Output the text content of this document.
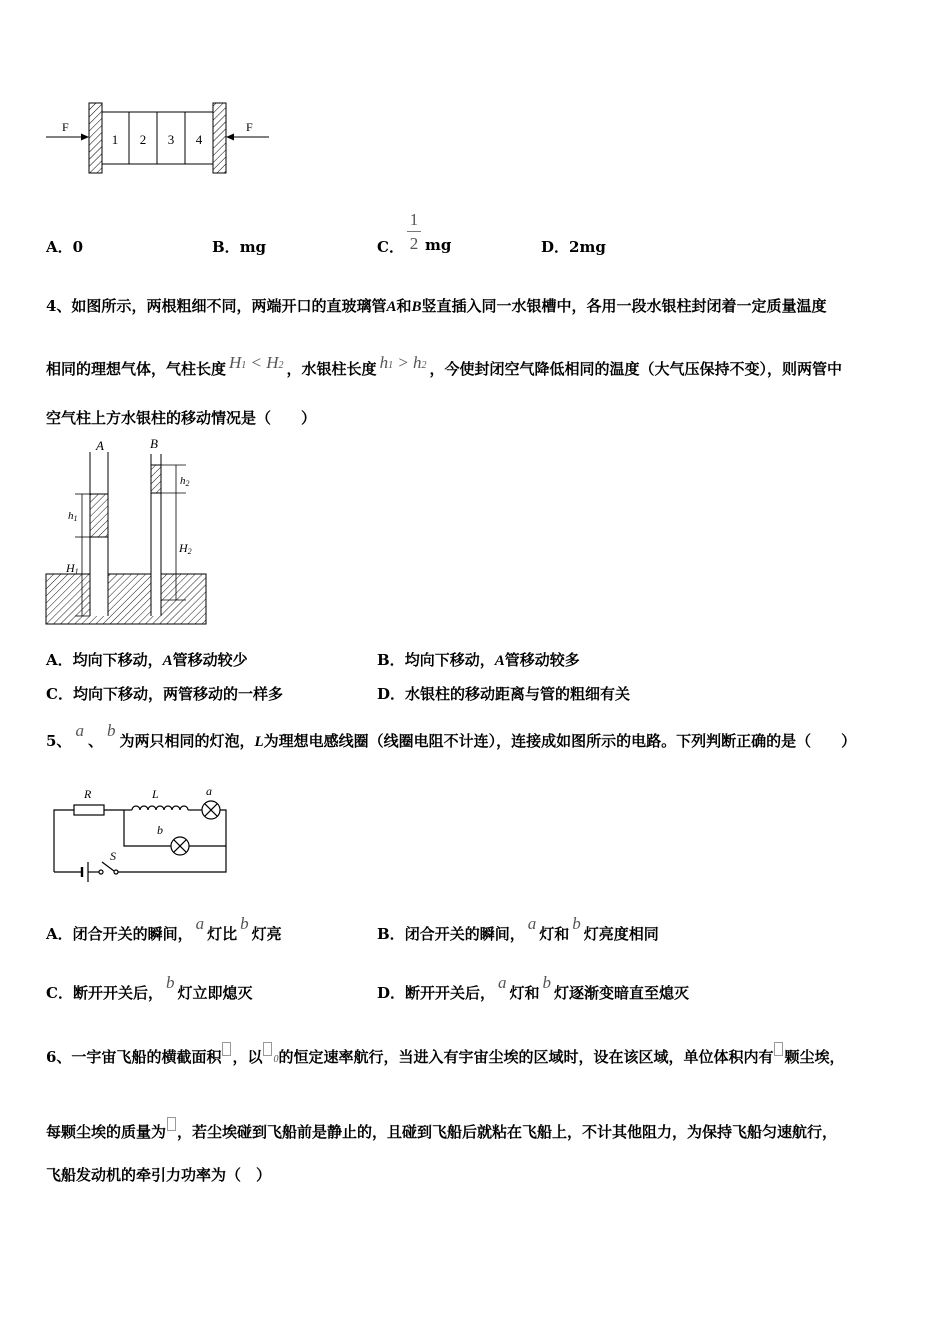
1 2 3 4
F	F
A．0	B．mg	C．
1
2 mg	D．2mg
4、如图所示，两根粗细不同，两端开口的直玻璃管A和B竖直插入同一水银槽中，各用一段水银柱封闭着一定质量温度
相同的理想气体，气柱长度 H1 < H2 ，水银柱长度 h1 > h2 ，今使封闭空气降低相同的温度（大气压保持不变），则两管中
空气柱上方水银柱的移动情况是（　　）
A	B
h1
H1
h2
H2
A．均向下移动，A管移动较少	B．均向下移动，A管移动较多
C．均向下移动，两管移动的一样多	D．水银柱的移动距离与管的粗细有关
5、a、b为两只相同的灯泡，L为理想电感线圈（线圈电阻不计连），连接成如图所示的电路。下列判断正确的是（　　）
R	L	a
b
S
A．闭合开关的瞬间，a灯比b灯亮	B．闭合开关的瞬间，a灯和b灯亮度相同
C．断开开关后，b灯立即熄灭	D．断开开关后，a灯和b灯逐渐变暗直至熄灭
6、一宇宙飞船的横截面积 ，以 0的恒定速率航行，当进入有宇宙尘埃的区域时，设在该区域，单位体积内有 颗尘埃，
每颗尘埃的质量为 ，若尘埃碰到飞船前是静止的，且碰到飞船后就粘在飞船上，不计其他阻力，为保持飞船匀速航行，
飞船发动机的牵引力功率为（　）
